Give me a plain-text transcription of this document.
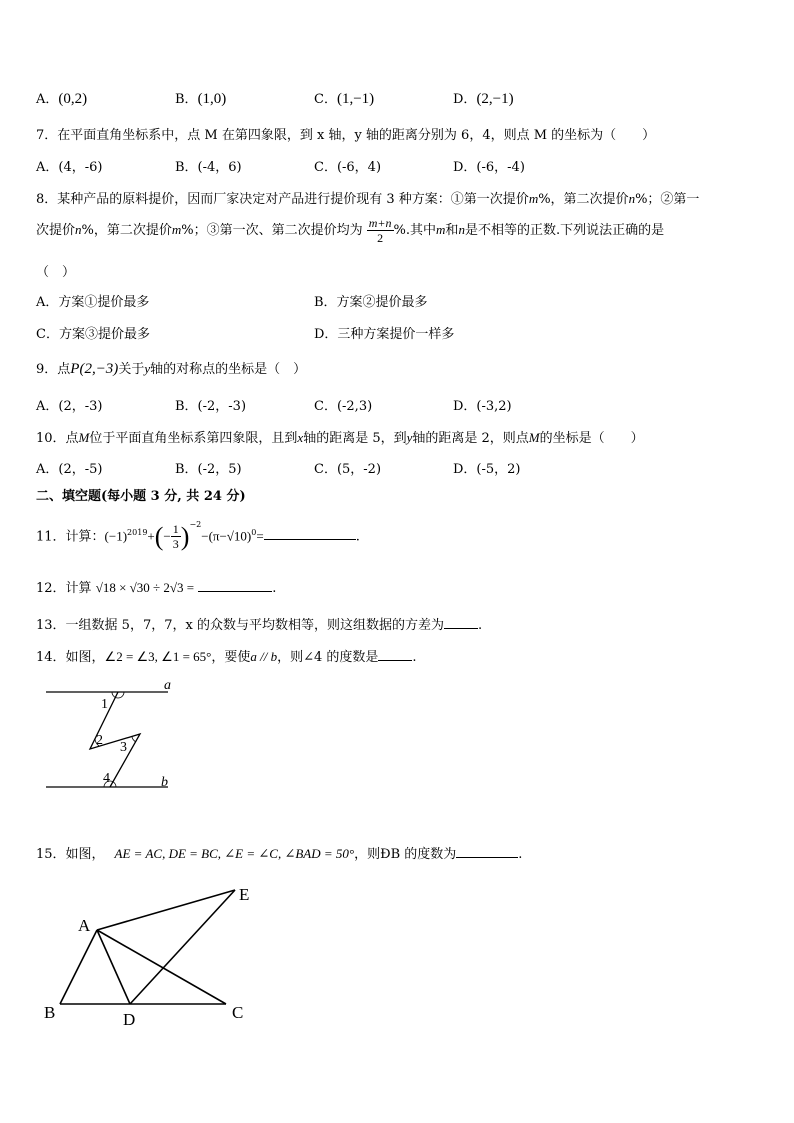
A．(0,2)	B．(1,0)	C．(1,−1)	D．(2,−1)
7．在平面直角坐标系中，点 M 在第四象限，到 x 轴，y 轴的距离分别为 6，4，则点 M 的坐标为（　　）
A．(4，‑6)	B．(‑4，6)	C．(‑6，4)	D．(‑6，‑4)
8．某种产品的原料提价，因而厂家决定对产品进行提价现有 3 种方案：①第一次提价m%，第二次提价n%；②第一
次提价n%，第二次提价m%；③第一次、第二次提价均为 $\frac{m+n}{2}$ %.其中m和n是不相等的正数.下列说法正确的是
（　）
A．方案①提价最多	B．方案②提价最多
C．方案③提价最多	D．三种方案提价一样多
9．点P(2,−3)关于y轴的对称点的坐标是（　）
A．(2，‑3)	B．(‑2，‑3)	C．(‑2,3)	D．(‑3,2)
10．点M位于平面直角坐标系第四象限，且到x轴的距离是 5，到y轴的距离是 2，则点M的坐标是（　　）
A．(2，‑5)	B．(‑2，5)	C．(5，‑2)	D．(‑5，2)
二、填空题(每小题 3 分, 共 24 分)
11．计算：$(-1)^{2019}+(- \frac{1}{3} )^{-2}-(\pi-√10)^0=$	.
12．计算 √18 × √30 ÷ 2√3 =	.
13．一组数据 5，7，7，x 的众数与平均数相等，则这组数据的方差为	.
14．如图，∠2 = ∠3, ∠1 = 65°，要使a // b，则∠4 的度数是	.
a
b
1
2 3
4
15．如图， AE = AC, DE = BC, ∠E = ∠C, ∠BAD = 50°，则ÐB 的度数为	.
A
B	C
D
E
